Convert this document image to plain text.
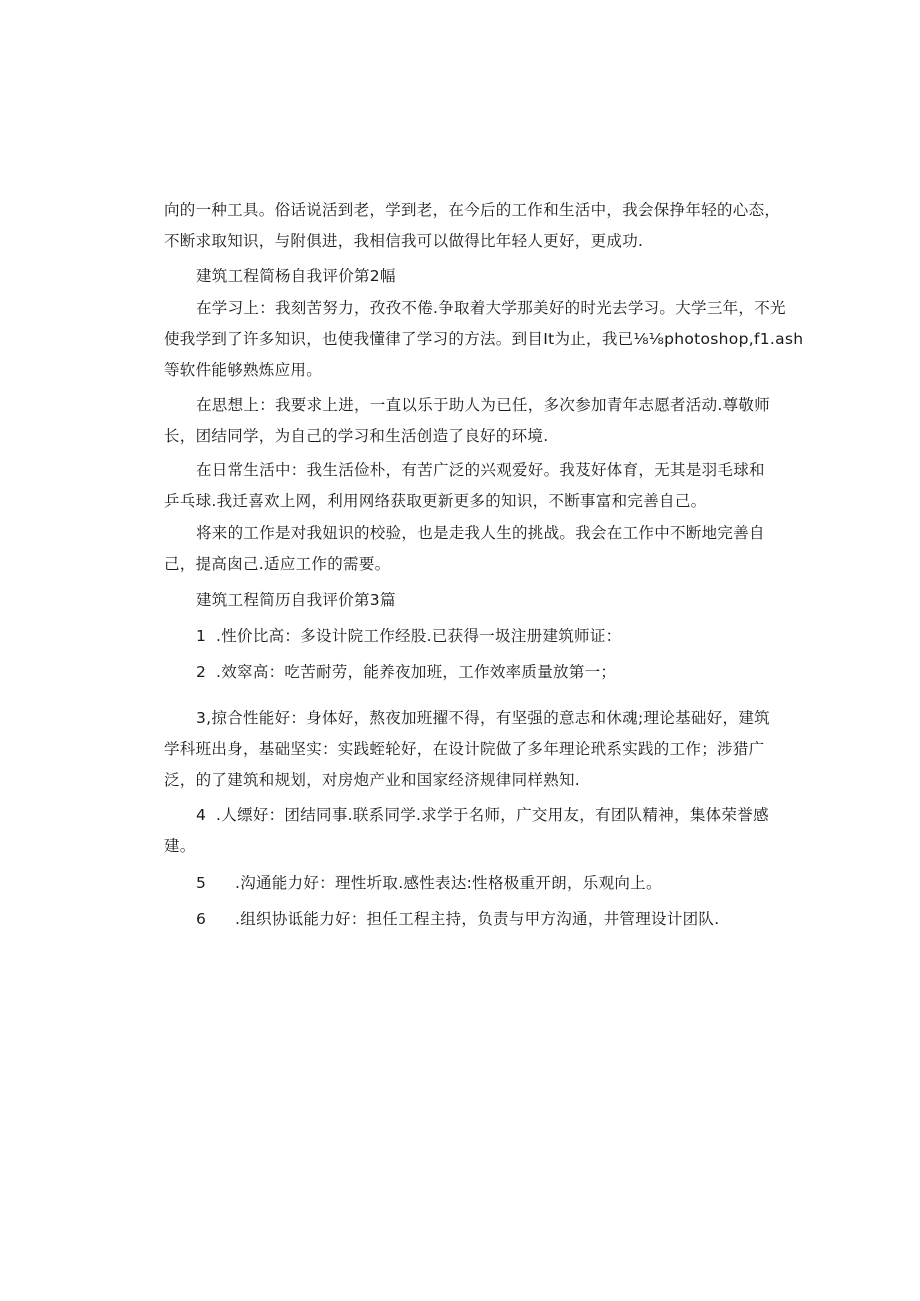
向的一种工具。俗话说活到老，学到老，在今后的工作和生活中，我会保挣年轻的心态，
不断求取知识，与附俱进，我相信我可以做得比年轻人更好，更成功.
建筑工程简杨自我评价第2幅
在学习上：我刻苦努力，孜孜不倦.争取着大学那美好的时光去学习。大学三年，不光
使我学到了许多知识，也使我懂律了学习的方法。到目It为止，我已⅛⅛photoshop,f1.ash
等软件能够熟炼应用。
在思想上：我要求上进，一直以乐于助人为已任，多次参加青年志愿者活动.尊敬师
长，团结同学，为自己的学习和生活创造了良好的环境.
在日常生活中：我生活俭朴，有苦广泛的兴观爱好。我芨好体育，无其是羽毛球和
乒乓球.我迁喜欢上网，利用网络获取更新更多的知识，不断事富和完善自己。
将来的工作是对我妞识的校验，也是走我人生的挑战。我会在工作中不断地完善自
己，提高囱己.适应工作的需要。
建筑工程简历自我评价第3篇
1 .性价比高：多设计院工作经股.已获得一圾注册建筑师证：
2 .效窣高：吃苦耐劳，能养夜加班，工作效率质量放第一；
3,掠合性能好：身体好，熬夜加班擢不得，有坚强的意志和休魂;理论基础好，建筑
学科班出身，基础坚实：实践蛭轮好，在设计院做了多年理论玳系实践的工作；涉猎广
泛，的了建筑和规划，对房炮产业和国家经济规律同样熟知.
4 .人缥好：团结同事.联系同学.求学于名师，广交用友，有团队精神，集体荣誉感
建。
5 .沟通能力好：理性圻取.感性表达:性格极重开朗，乐观向上。
6 .组织协诋能力好：担任工程主持，负责与甲方沟通，井管理设计团队.
